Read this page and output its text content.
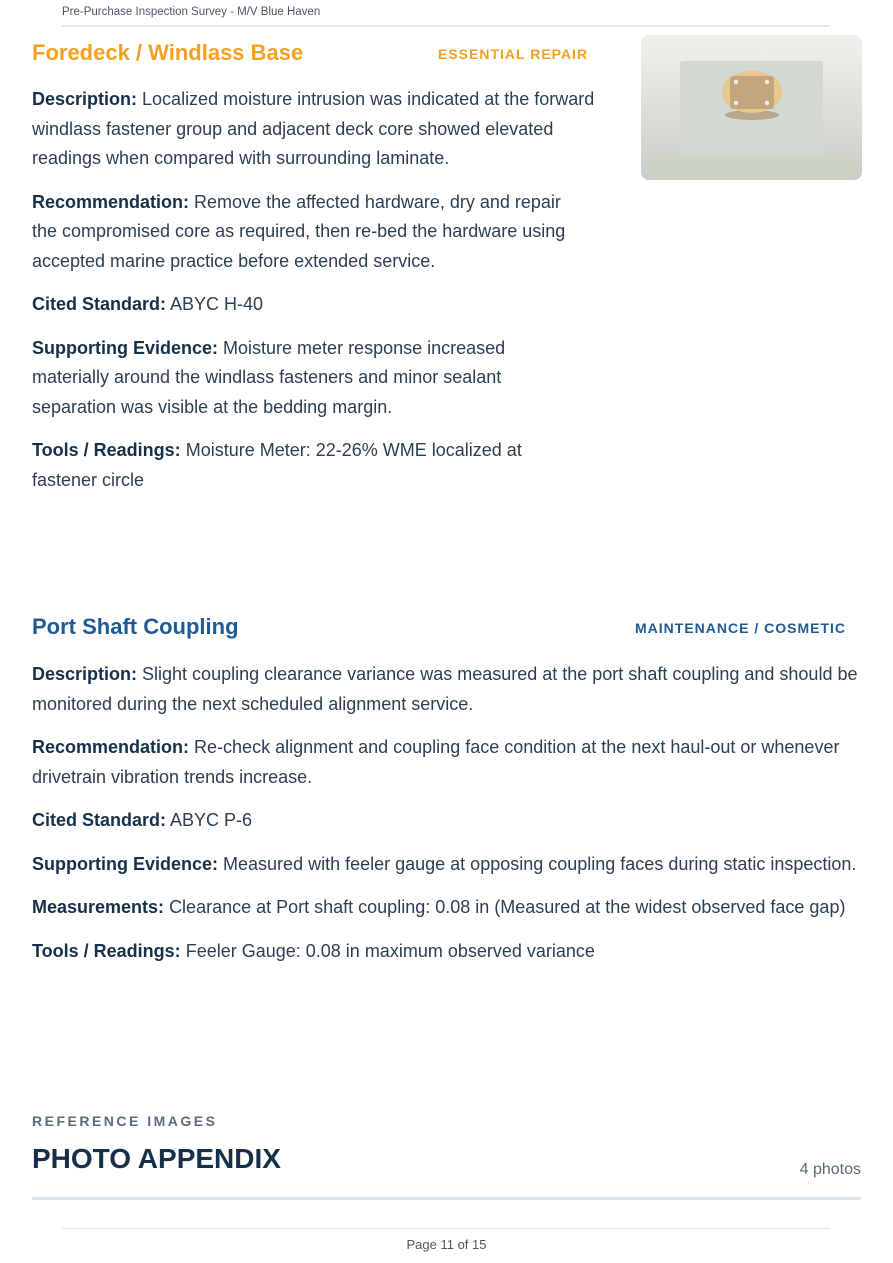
Pre-Purchase Inspection Survey - M/V Blue Haven
Foredeck / Windlass Base	ESSENTIAL REPAIR

Description: Localized moisture intrusion was indicated at the forward windlass fastener group and adjacent deck core showed elevated readings when compared with surrounding laminate.

Recommendation: Remove the affected hardware, dry and repair the compromised core as required, then re-bed the hardware using accepted marine practice before extended service.

Cited Standard: ABYC H-40

Supporting Evidence: Moisture meter response increased materially around the windlass fasteners and minor sealant separation was visible at the bedding margin.

Tools / Readings: Moisture Meter: 22-26% WME localized at fastener circle

Port Shaft Coupling	MAINTENANCE / COSMETIC

Description: Slight coupling clearance variance was measured at the port shaft coupling and should be monitored during the next scheduled alignment service.

Recommendation: Re-check alignment and coupling face condition at the next haul-out or whenever drivetrain vibration trends increase.

Cited Standard: ABYC P-6

Supporting Evidence: Measured with feeler gauge at opposing coupling faces during static inspection.

Measurements: Clearance at Port shaft coupling: 0.08 in (Measured at the widest observed face gap)

Tools / Readings: Feeler Gauge: 0.08 in maximum observed variance

REFERENCE IMAGES
PHOTO APPENDIX	4 photos
Page 11 of 15
